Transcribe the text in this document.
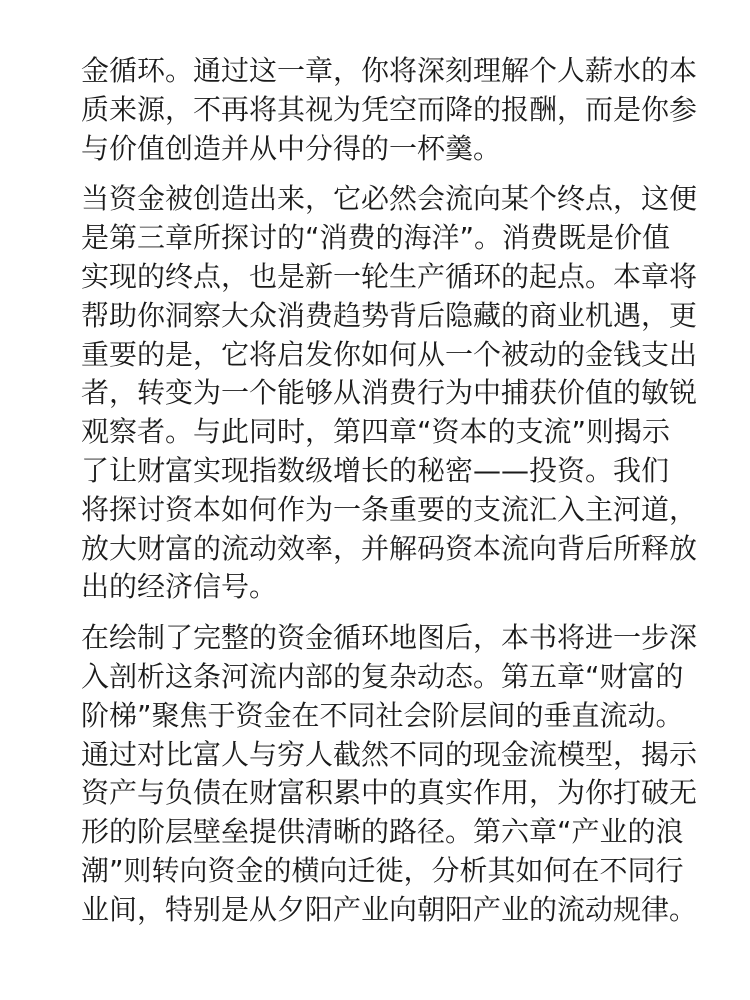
金循环。通过这一章，你将深刻理解个人薪水的本
质来源，不再将其视为凭空而降的报酬，而是你参
与价值创造并从中分得的一杯羹。

当资金被创造出来，它必然会流向某个终点，这便
是第三章所探讨的“消费的海洋”。消费既是价值
实现的终点，也是新一轮生产循环的起点。本章将
帮助你洞察大众消费趋势背后隐藏的商业机遇，更
重要的是，它将启发你如何从一个被动的金钱支出
者，转变为一个能够从消费行为中捕获价值的敏锐
观察者。与此同时，第四章“资本的支流”则揭示
了让财富实现指数级增长的秘密——投资。我们
将探讨资本如何作为一条重要的支流汇入主河道，
放大财富的流动效率，并解码资本流向背后所释放
出的经济信号。

在绘制了完整的资金循环地图后，本书将进一步深
入剖析这条河流内部的复杂动态。第五章“财富的
阶梯”聚焦于资金在不同社会阶层间的垂直流动。
通过对比富人与穷人截然不同的现金流模型，揭示
资产与负债在财富积累中的真实作用，为你打破无
形的阶层壁垒提供清晰的路径。第六章“产业的浪
潮”则转向资金的横向迁徙，分析其如何在不同行
业间，特别是从夕阳产业向朝阳产业的流动规律。
